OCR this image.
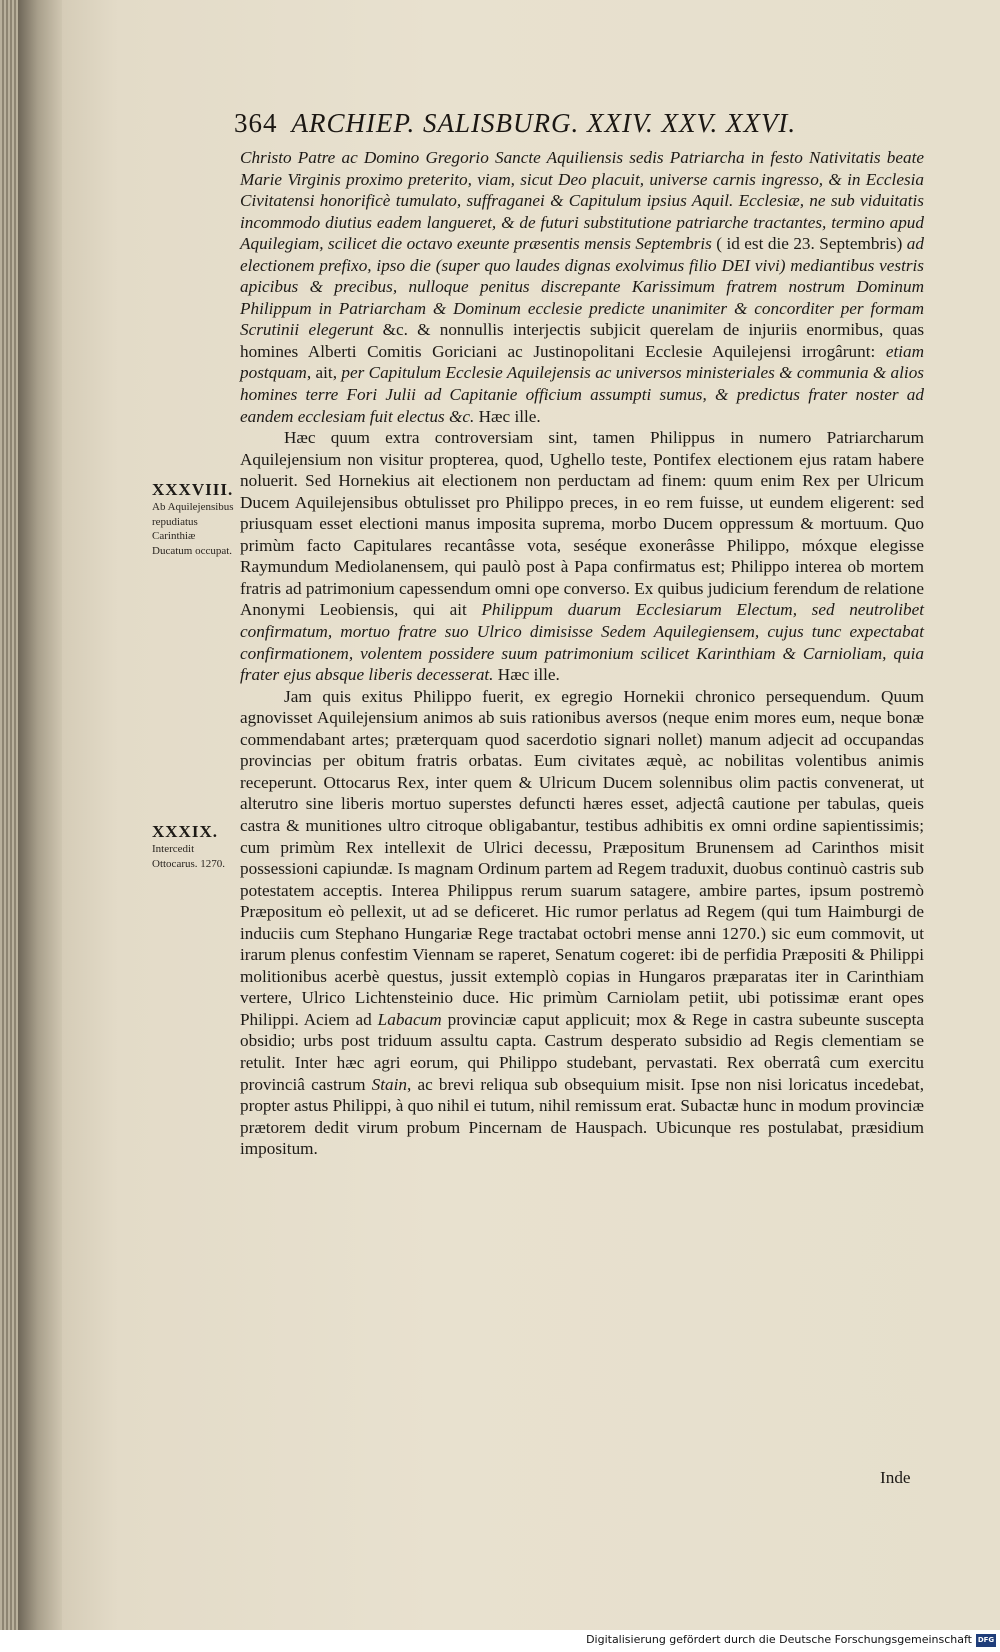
364 ARCHIEP. SALISBURG. XXIV. XXV. XXVI.
XXXVIII.
Ab Aquilejensibus repudiatus Carinthiæ Ducatum occupat.
XXXIX.
Intercedit Ottocarus. 1270.

Christo Patre ac Domino Gregorio Sancte Aquiliensis sedis Patriarcha in festo Nativitatis beate Marie Virginis proximo preterito, viam, sicut Deo placuit, universe carnis ingresso, & in Ecclesia Civitatensi honorificè tumulato, suffraganei & Capitulum ipsius Aquil. Ecclesiæ, ne sub viduitatis incommodo diutius eadem langueret, & de futuri substitutione patriarche tractantes, termino apud Aquilegiam, scilicet die octavo exeunte præsentis mensis Septembris ( id est die 23. Septembris) ad electionem prefixo, ipso die (super quo laudes dignas exolvimus filio DEI vivi) mediantibus vestris apicibus & precibus, nulloque penitus discrepante Karissimum fratrem nostrum Dominum Philippum in Patriarcham & Dominum ecclesie predicte unanimiter & concorditer per formam Scrutinii elegerunt &c. & nonnullis interjectis subjicit querelam de injuriis enormibus, quas homines Alberti Comitis Goriciani ac Justinopolitani Ecclesie Aquilejensi irrogârunt: etiam postquam, ait, per Capitulum Ecclesie Aquilejensis ac universos ministeriales & communia & alios homines terre Fori Julii ad Capitanie officium assumpti sumus, & predictus frater noster ad eandem ecclesiam fuit electus &c. Hæc ille.

Hæc quum extra controversiam sint, tamen Philippus in numero Patriarcharum Aquilejensium non visitur propterea, quod, Ughello teste, Pontifex electionem ejus ratam habere noluerit. Sed Hornekius ait electionem non perductam ad finem: quum enim Rex per Ulricum Ducem Aquilejensibus obtulisset pro Philippo preces, in eo rem fuisse, ut eundem eligerent: sed priusquam esset electioni manus imposita suprema, morbo Ducem oppressum & mortuum. Quo primùm facto Capitulares recantâsse vota, seséque exonerâsse Philippo, móxque elegisse Raymundum Mediolanensem, qui paulò post à Papa confirmatus est; Philippo interea ob mortem fratris ad patrimonium capessendum omni ope converso. Ex quibus judicium ferendum de relatione Anonymi Leobiensis, qui ait Philippum duarum Ecclesiarum Electum, sed neutrolibet confirmatum, mortuo fratre suo Ulrico dimisisse Sedem Aquilegiensem, cujus tunc expectabat confirmationem, volentem possidere suum patrimonium scilicet Karinthiam & Carnioliam, quia frater ejus absque liberis decesserat. Hæc ille.

Jam quis exitus Philippo fuerit, ex egregio Hornekii chronico persequendum. Quum agnovisset Aquilejensium animos ab suis rationibus aversos (neque enim mores eum, neque bonæ commendabant artes; præterquam quod sacerdotio signari nollet) manum adjecit ad occupandas provincias per obitum fratris orbatas. Eum civitates æquè, ac nobilitas volentibus animis receperunt. Ottocarus Rex, inter quem & Ulricum Ducem solennibus olim pactis convenerat, ut alterutro sine liberis mortuo superstes defuncti hæres esset, adjectâ cautione per tabulas, queis castra & munitiones ultro citroque obligabantur, testibus adhibitis ex omni ordine sapientissimis; cum primùm Rex intellexit de Ulrici decessu, Præpositum Brunensem ad Carinthos misit possessioni capiundæ. Is magnam Ordinum partem ad Regem traduxit, duobus continuò castris sub potestatem acceptis. Interea Philippus rerum suarum satagere, ambire partes, ipsum postremò Præpositum eò pellexit, ut ad se deficeret. Hic rumor perlatus ad Regem (qui tum Haimburgi de induciis cum Stephano Hungariæ Rege tractabat octobri mense anni 1270.) sic eum commovit, ut irarum plenus confestim Viennam se raperet, Senatum cogeret: ibi de perfidia Præpositi & Philippi molitionibus acerbè questus, jussit extemplò copias in Hungaros præparatas iter in Carinthiam vertere, Ulrico Lichtensteinio duce. Hic primùm Carniolam petiit, ubi potissimæ erant opes Philippi. Aciem ad Labacum provinciæ caput applicuit; mox & Rege in castra subeunte suscepta obsidio; urbs post triduum assultu capta. Castrum desperato subsidio ad Regis clementiam se retulit. Inter hæc agri eorum, qui Philippo studebant, pervastati. Rex oberratâ cum exercitu provinciâ castrum Stain, ac brevi reliqua sub obsequium misit. Ipse non nisi loricatus incedebat, propter astus Philippi, à quo nihil ei tutum, nihil remissum erat. Subactæ hunc in modum provinciæ prætorem dedit virum probum Pincernam de Hauspach. Ubicunque res postulabat, præsidium impositum.

Inde
Digitalisierung gefördert durch die Deutsche Forschungsgemeinschaft DFG
